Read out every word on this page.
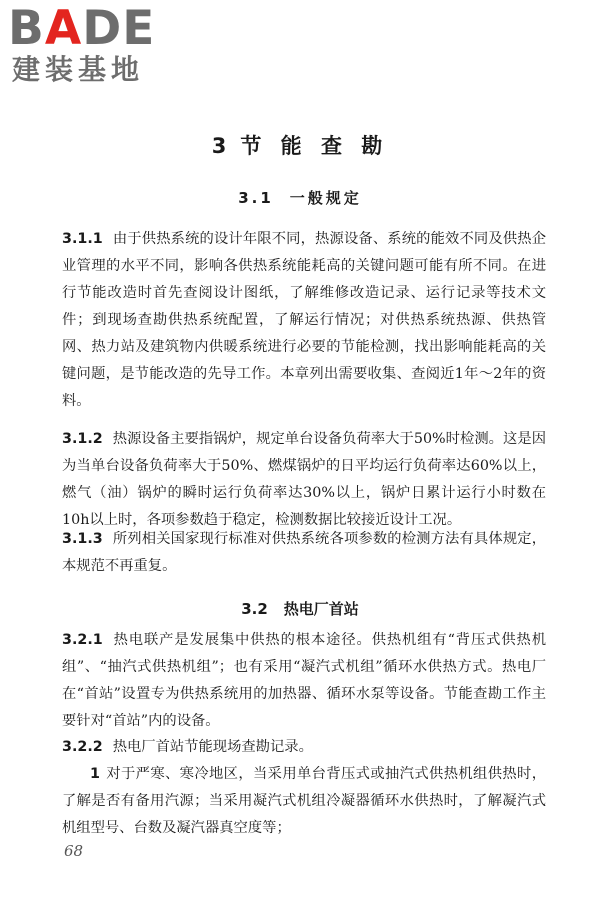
BADE
建装基地
3 节 能 查 勘
3.1 一般规定
3.1.1 由于供热系统的设计年限不同，热源设备、系统的能效不同及供热企业管理的水平不同，影响各供热系统能耗高的关键问题可能有所不同。在进行节能改造时首先查阅设计图纸，了解维修改造记录、运行记录等技术文件；到现场查勘供热系统配置，了解运行情况；对供热系统热源、供热管网、热力站及建筑物内供暖系统进行必要的节能检测，找出影响能耗高的关键问题，是节能改造的先导工作。本章列出需要收集、查阅近1年～2年的资料。
3.1.2 热源设备主要指锅炉，规定单台设备负荷率大于50%时检测。这是因为当单台设备负荷率大于50%、燃煤锅炉的日平均运行负荷率达60%以上，燃气（油）锅炉的瞬时运行负荷率达30%以上，锅炉日累计运行小时数在10h以上时，各项参数趋于稳定，检测数据比较接近设计工况。
3.1.3 所列相关国家现行标准对供热系统各项参数的检测方法有具体规定，本规范不再重复。
3.2 热电厂首站
3.2.1 热电联产是发展集中供热的根本途径。供热机组有“背压式供热机组”、“抽汽式供热机组”；也有采用“凝汽式机组”循环水供热方式。热电厂在“首站”设置专为供热系统用的加热器、循环水泵等设备。节能查勘工作主要针对“首站”内的设备。
3.2.2 热电厂首站节能现场查勘记录。
1 对于严寒、寒冷地区，当采用单台背压式或抽汽式供热机组供热时，了解是否有备用汽源；当采用凝汽式机组冷凝器循环水供热时，了解凝汽式机组型号、台数及凝汽器真空度等；
68
